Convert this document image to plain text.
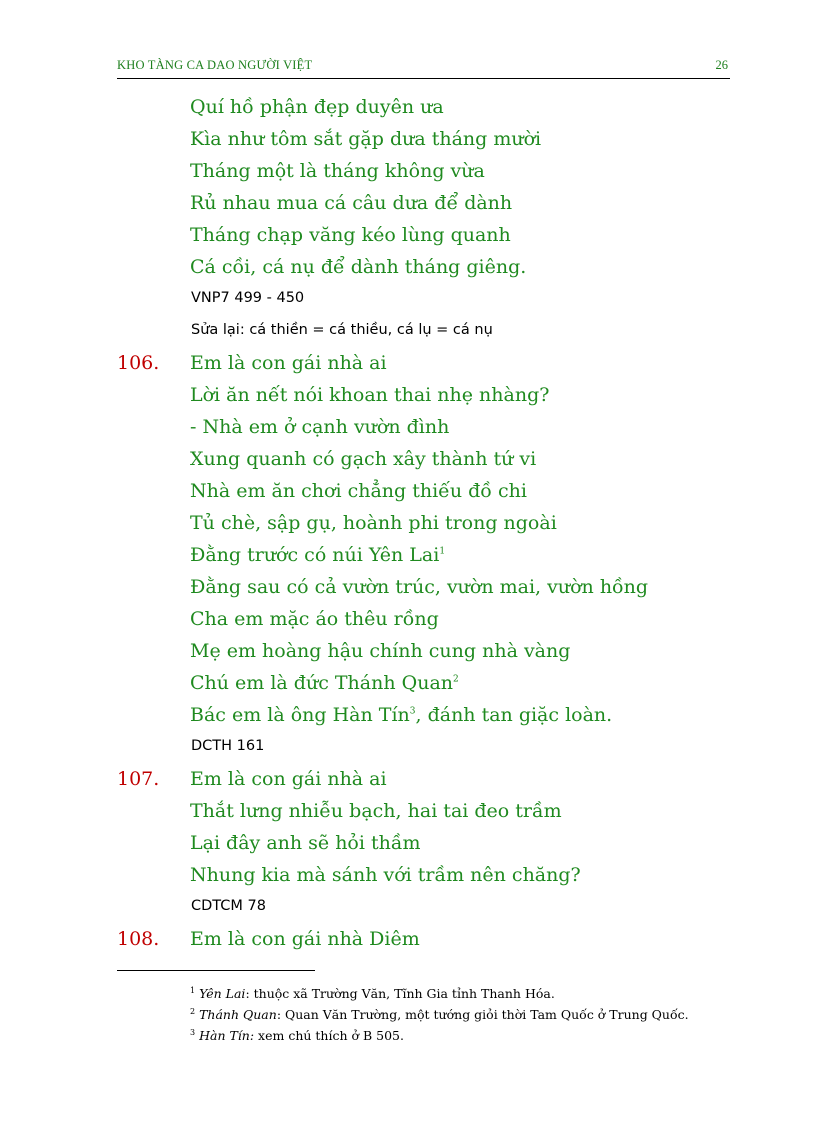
KHO TÀNG CA DAO NGƯỜI VIỆT	26
Quí hồ phận đẹp duyên ưa
Kìa như tôm sắt gặp dưa tháng mười
Tháng một là tháng không vừa
Rủ nhau mua cá câu dưa để dành
Tháng chạp văng kéo lùng quanh
Cá cồi, cá nụ để dành tháng giêng.
VNP7 499 - 450
Sửa lại: cá thiền = cá thiều, cá lụ = cá nụ
106. Em là con gái nhà ai
Lời ăn nết nói khoan thai nhẹ nhàng?
- Nhà em ở cạnh vườn đình
Xung quanh có gạch xây thành tứ vi
Nhà em ăn chơi chẳng thiếu đồ chi
Tủ chè, sập gụ, hoành phi trong ngoài
Đằng trước có núi Yên Lai$^1$
Đằng sau có cả vườn trúc, vườn mai, vườn hồng
Cha em mặc áo thêu rồng
Mẹ em hoàng hậu chính cung nhà vàng
Chú em là đức Thánh Quan$^2$
Bác em là ông Hàn Tín$^3$, đánh tan giặc loàn.
DCTH 161
107. Em là con gái nhà ai
Thắt lưng nhiễu bạch, hai tai đeo trầm
Lại đây anh sẽ hỏi thầm
Nhung kia mà sánh với trầm nên chăng?
CDTCM 78
108. Em là con gái nhà Diêm
$^1$ Yên Lai: thuộc xã Trường Văn, Tĩnh Gia tỉnh Thanh Hóa.
$^2$ Thánh Quan: Quan Văn Trường, một tướng giỏi thời Tam Quốc ở Trung Quốc.
$^3$ Hàn Tín: xem chú thích ở B 505.
